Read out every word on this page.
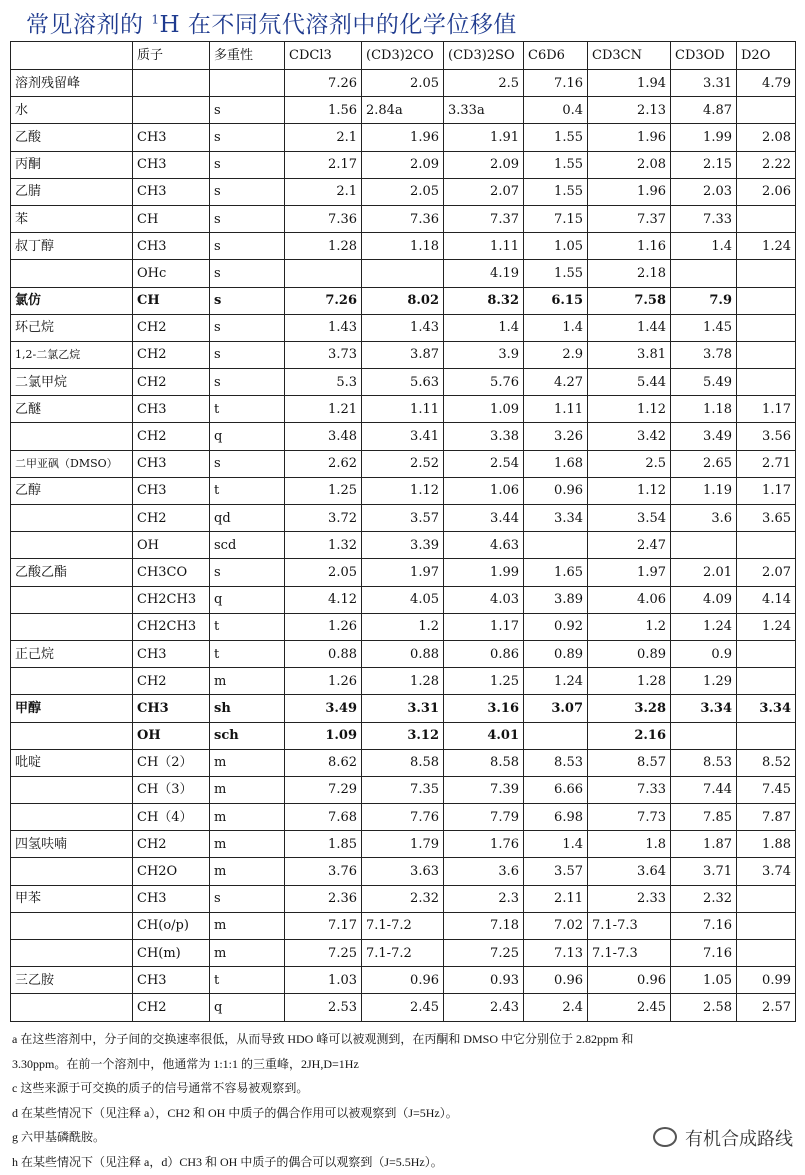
常见溶剂的 $^1$H 在不同氘代溶剂中的化学位移值
	质子	多重性	CDCl3	(CD3)2CO	(CD3)2SO	C6D6	CD3CN	CD3OD	D2O
溶剂残留峰			7.26	2.05	2.5	7.16	1.94	3.31	4.79
水		s	1.56	2.84a	3.33a	0.4	2.13	4.87	
乙酸	CH3	s	2.1	1.96	1.91	1.55	1.96	1.99	2.08
丙酮	CH3	s	2.17	2.09	2.09	1.55	2.08	2.15	2.22
乙腈	CH3	s	2.1	2.05	2.07	1.55	1.96	2.03	2.06
苯	CH	s	7.36	7.36	7.37	7.15	7.37	7.33	
叔丁醇	CH3	s	1.28	1.18	1.11	1.05	1.16	1.4	1.24
	OHc	s			4.19	1.55	2.18		
氯仿	CH	s	7.26	8.02	8.32	6.15	7.58	7.9	
环己烷	CH2	s	1.43	1.43	1.4	1.4	1.44	1.45	
1,2-二氯乙烷	CH2	s	3.73	3.87	3.9	2.9	3.81	3.78	
二氯甲烷	CH2	s	5.3	5.63	5.76	4.27	5.44	5.49	
乙醚	CH3	t	1.21	1.11	1.09	1.11	1.12	1.18	1.17
	CH2	q	3.48	3.41	3.38	3.26	3.42	3.49	3.56
二甲亚砜（DMSO）	CH3	s	2.62	2.52	2.54	1.68	2.5	2.65	2.71
乙醇	CH3	t	1.25	1.12	1.06	0.96	1.12	1.19	1.17
	CH2	qd	3.72	3.57	3.44	3.34	3.54	3.6	3.65
	OH	scd	1.32	3.39	4.63		2.47		
乙酸乙酯	CH3CO	s	2.05	1.97	1.99	1.65	1.97	2.01	2.07
	CH2CH3	q	4.12	4.05	4.03	3.89	4.06	4.09	4.14
	CH2CH3	t	1.26	1.2	1.17	0.92	1.2	1.24	1.24
正己烷	CH3	t	0.88	0.88	0.86	0.89	0.89	0.9	
	CH2	m	1.26	1.28	1.25	1.24	1.28	1.29	
甲醇	CH3	sh	3.49	3.31	3.16	3.07	3.28	3.34	3.34
	OH	sch	1.09	3.12	4.01		2.16		
吡啶	CH（2）	m	8.62	8.58	8.58	8.53	8.57	8.53	8.52
	CH（3）	m	7.29	7.35	7.39	6.66	7.33	7.44	7.45
	CH（4）	m	7.68	7.76	7.79	6.98	7.73	7.85	7.87
四氢呋喃	CH2	m	1.85	1.79	1.76	1.4	1.8	1.87	1.88
	CH2O	m	3.76	3.63	3.6	3.57	3.64	3.71	3.74
甲苯	CH3	s	2.36	2.32	2.3	2.11	2.33	2.32	
	CH(o/p)	m	7.17	7.1-7.2	7.18	7.02	7.1-7.3	7.16	
	CH(m)	m	7.25	7.1-7.2	7.25	7.13	7.1-7.3	7.16	
三乙胺	CH3	t	1.03	0.96	0.93	0.96	0.96	1.05	0.99
	CH2	q	2.53	2.45	2.43	2.4	2.45	2.58	2.57
a 在这些溶剂中，分子间的交换速率很低，从而导致 HDO 峰可以被观测到，在丙酮和 DMSO 中它分别位于 2.82ppm 和
3.30ppm。在前一个溶剂中，他通常为 1:1:1 的三重峰，2JH,D=1Hz
c 这些来源于可交换的质子的信号通常不容易被观察到。
d 在某些情况下（见注释 a），CH2 和 OH 中质子的偶合作用可以被观察到（J=5Hz）。
g 六甲基磷酰胺。
h 在某些情况下（见注释 a，d）CH3 和 OH 中质子的偶合可以观察到（J=5.5Hz）。
有机合成路线
